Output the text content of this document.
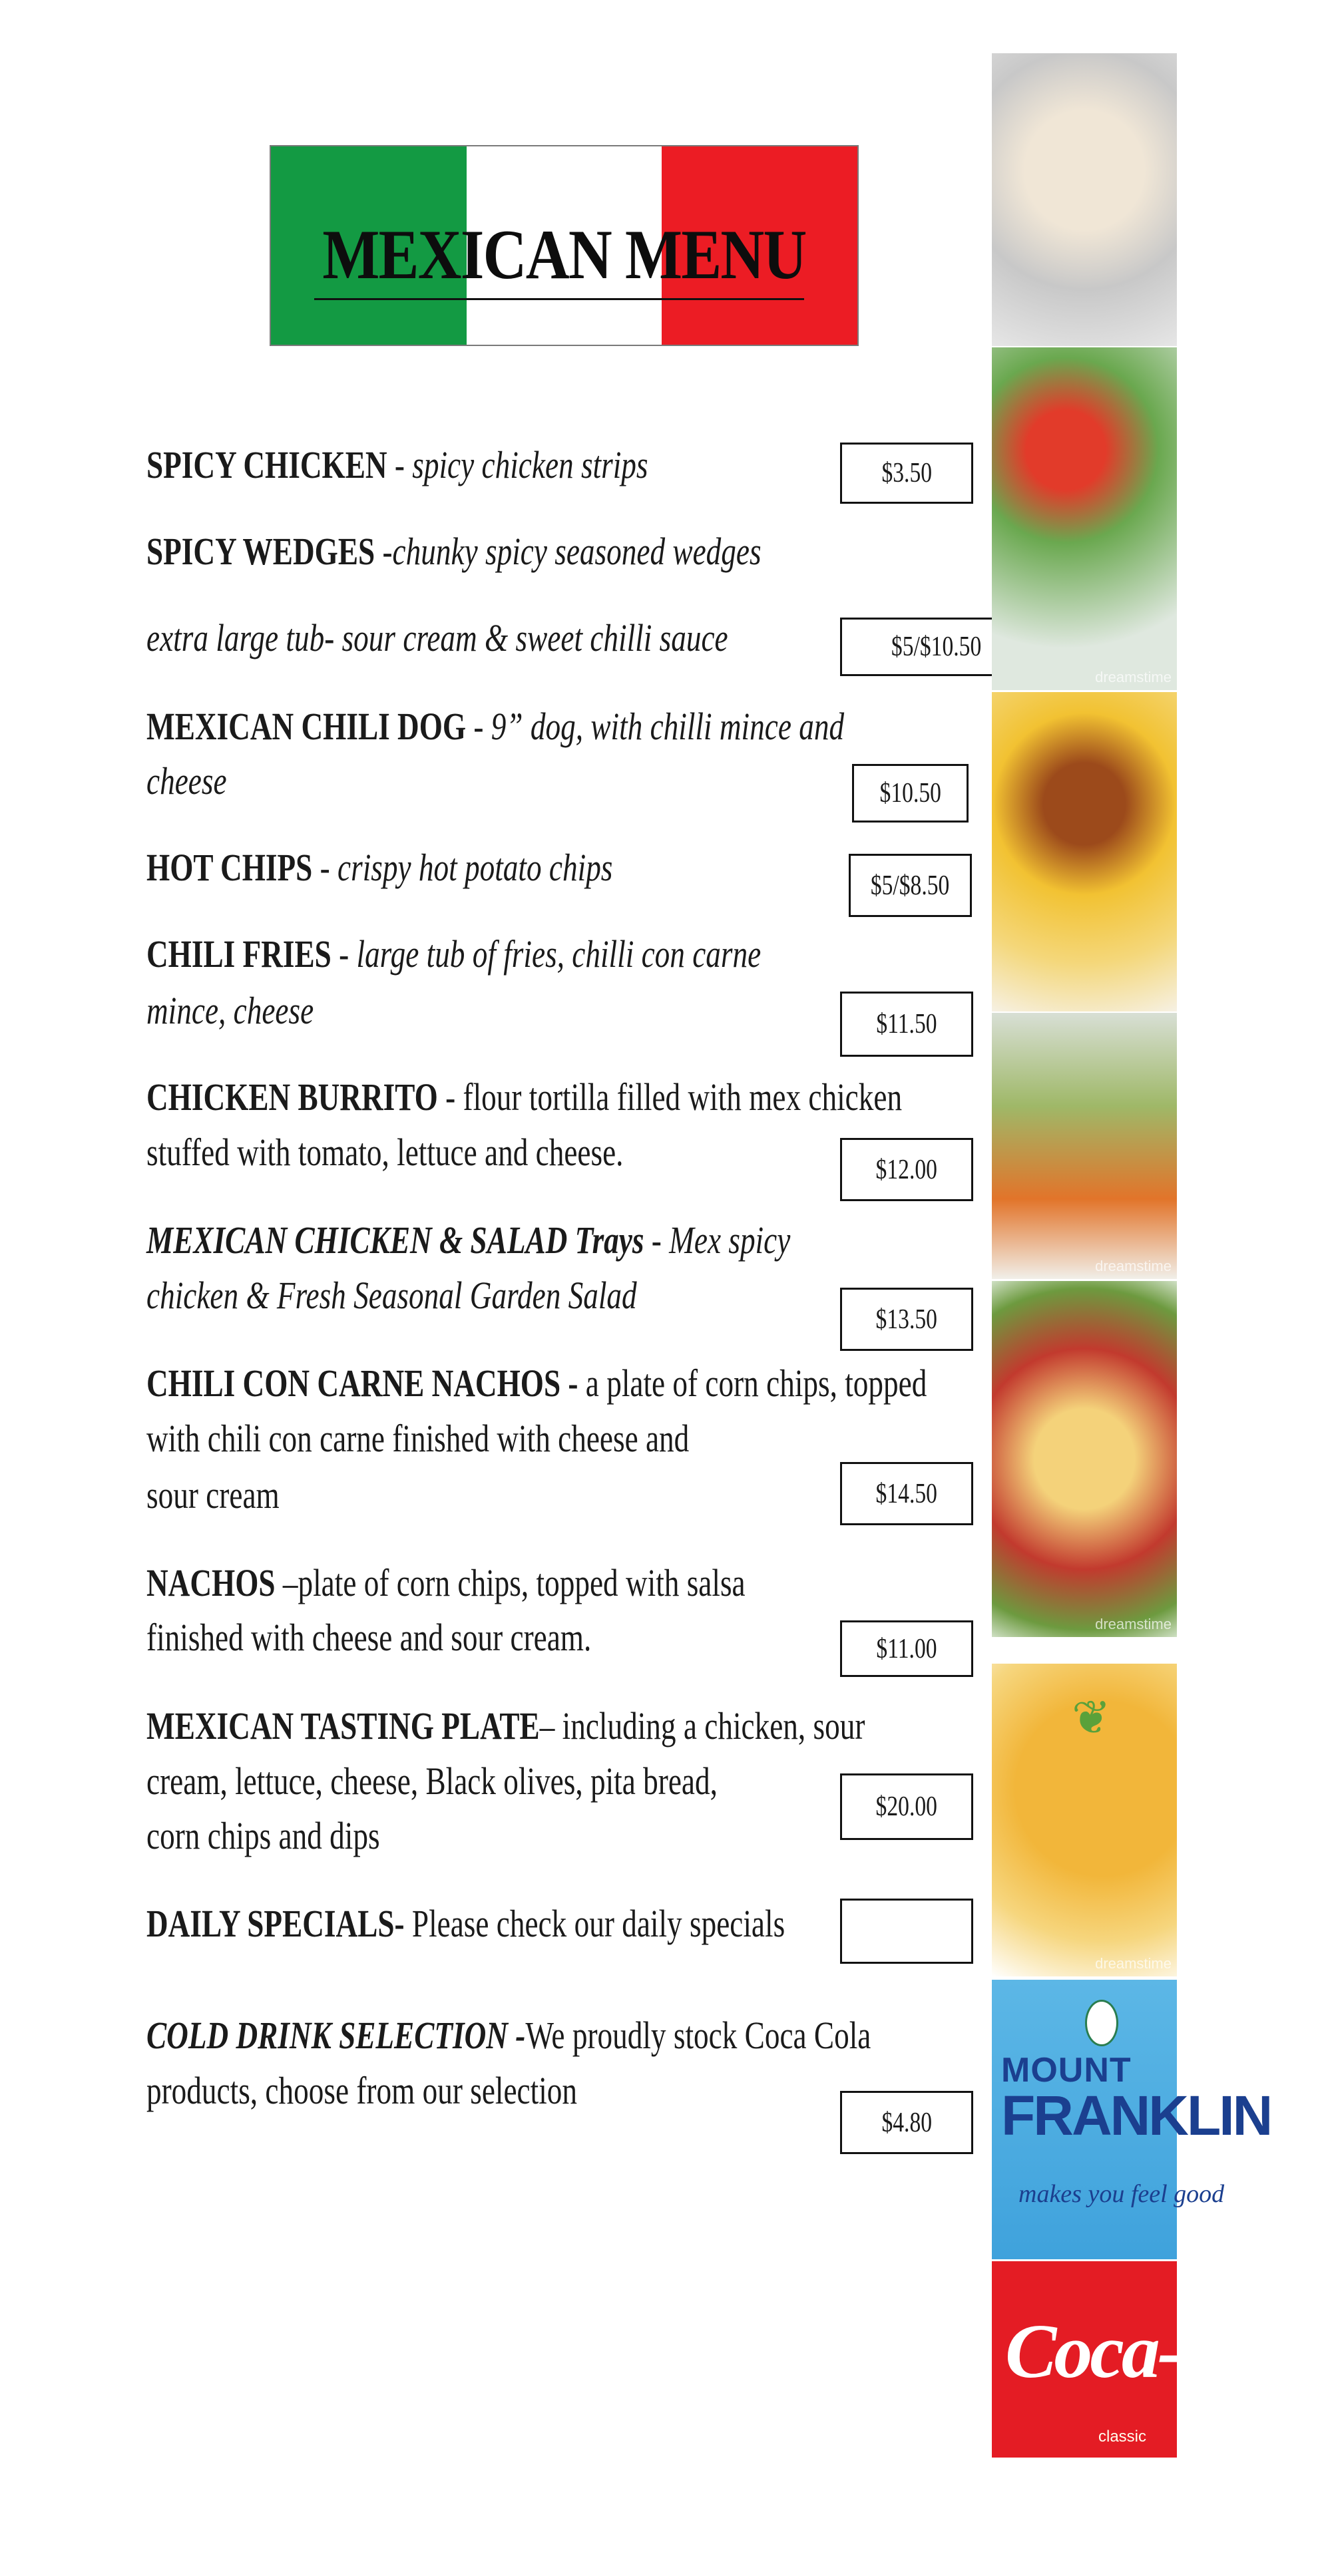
MEXICAN MENU
SPICY CHICKEN - spicy chicken strips	$3.50
SPICY WEDGES -chunky spicy seasoned wedges
extra large tub- sour cream & sweet chilli sauce	$5/$10.50
MEXICAN CHILI DOG - 9” dog, with chilli mince and
cheese	$10.50
HOT CHIPS - crispy hot potato chips	$5/$8.50
CHILI FRIES - large tub of fries, chilli con carne
mince, cheese	$11.50
CHICKEN BURRITO - flour tortilla filled with mex chicken
stuffed with tomato, lettuce and cheese.	$12.00
MEXICAN CHICKEN & SALAD Trays - Mex spicy
chicken & Fresh Seasonal Garden Salad
$13.50
CHILI CON CARNE NACHOS - a plate of corn chips, topped
with chili con carne finished with cheese and
sour cream	$14.50
NACHOS –plate of corn chips, topped with salsa
finished with cheese and sour cream.	$11.00
MEXICAN TASTING PLATE– including a chicken, sour
cream, lettuce, cheese, Black olives, pita bread,
corn chips and dips
$20.00
DAILY SPECIALS- Please check our daily specials
COLD DRINK SELECTION -We proudly stock Coca Cola
products, choose from our selection
$4.80
dreamstime
dreamstime
dreamstime
❦
dreamstime
MOUNT
FRANKLIN
makes you feel good
Coca-Cola
classic
